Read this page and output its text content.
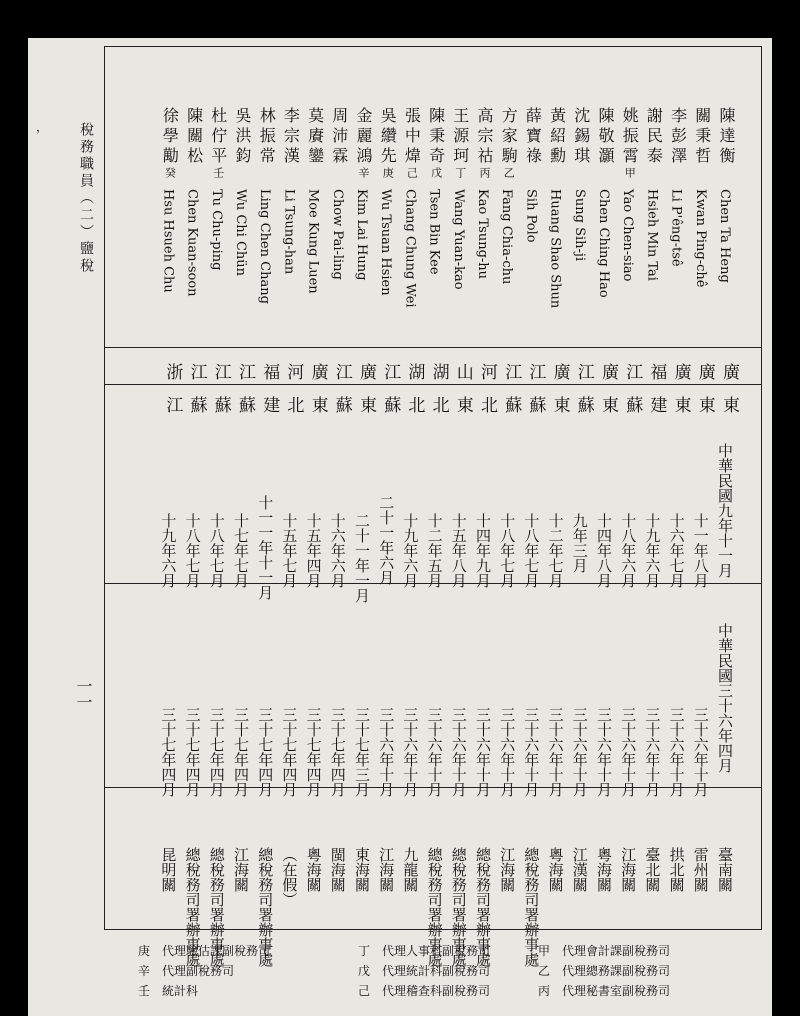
稅務職員（二）鹽稅
一一
，	陳達衡
Chen Ta Heng
廣東
中華民國九年十一月
中華民國三十六年四月
臺南關
關秉哲
Kwan Ping-chê
廣東
十一年八月
三十六年十月
雷州關
李彭澤
Li P'êng-tsê
廣東
十六年七月
三十六年十月
拱北關
謝民泰
Hsieh Min Tai
福建
十九年六月
三十六年十月
臺北關
姚振霄甲
Yao Chen-siao
江蘇
十八年六月
三十六年十月
江海關
陳敬灝
Chen Ching Hao
廣東
十四年八月
三十六年十月
粵海關
沈錫琪
Sung Sih-ji
江蘇
九年三月
三十六年十月
江漢關
黃紹勳
Huang Shao Shun
廣東
十二年七月
三十六年十月
粵海關
薛寶祿
Sih Polo
江蘇
十八年七月
三十六年十月
總稅務司署辦事處
方家駒乙
Fang Chia-chu
江蘇
十八年七月
三十六年十月
江海關
高宗祜丙
Kao Tsung-hu
河北
十四年九月
三十六年十月
總稅務司署辦事處
王源珂丁
Wang Yuan-kao
山東
十五年八月
三十六年十月
總稅務司署辦事處
陳秉奇戊
Tsen Bin Kee
湖北
十二年五月
三十六年十月
總稅務司署辦事處
張中煒己
Chang Chung Wei
湖北
十九年六月
三十六年十月
九龍關
吳纘先庚
Wu Tsuan Hsien
江蘇
二十一年六月
三十六年十月
江海關
金麗鴻辛
Kim Lai Hung
廣東
二十一年一月
三十七年三月
東海關
周沛霖
Chow Pai-ling
江蘇
十六年六月
三十七年四月
閩海關
莫賡鑾
Moe Kung Luen
廣東
十五年四月
三十七年四月
粵海關
李宗漢
Li Tsung-han
河北
十五年七月
三十七年四月
（在假）
林振常
Ling Chen Chang
福建
十一一年十一月
三十七年四月
總稅務司署辦事處
吳洪鈞
Wu Chi Chün
江蘇
十七年七月
三十七年四月
江海關
杜佇平壬
Tu Chu-ping
江蘇
十八年七月
三十七年四月
總稅務司署辦事處
陳關松
Chen Kuan-soon
江蘇
十八年七月
三十七年四月
總稅務司署辦事處
徐學勱癸
Hsu Hsueh Chu
浙江
十九年六月
三十七年四月
昆明關
甲　代理會計課副稅務司
乙　代理總務課副稅務司
丙　代理秘書室副稅務司
丁　代理人事科副稅務司
戊　代理統計科副稅務司
己　代理稽查科副稅務司
庚　代理驗估課副稅務司
辛　代理副稅務司
壬　統計科
